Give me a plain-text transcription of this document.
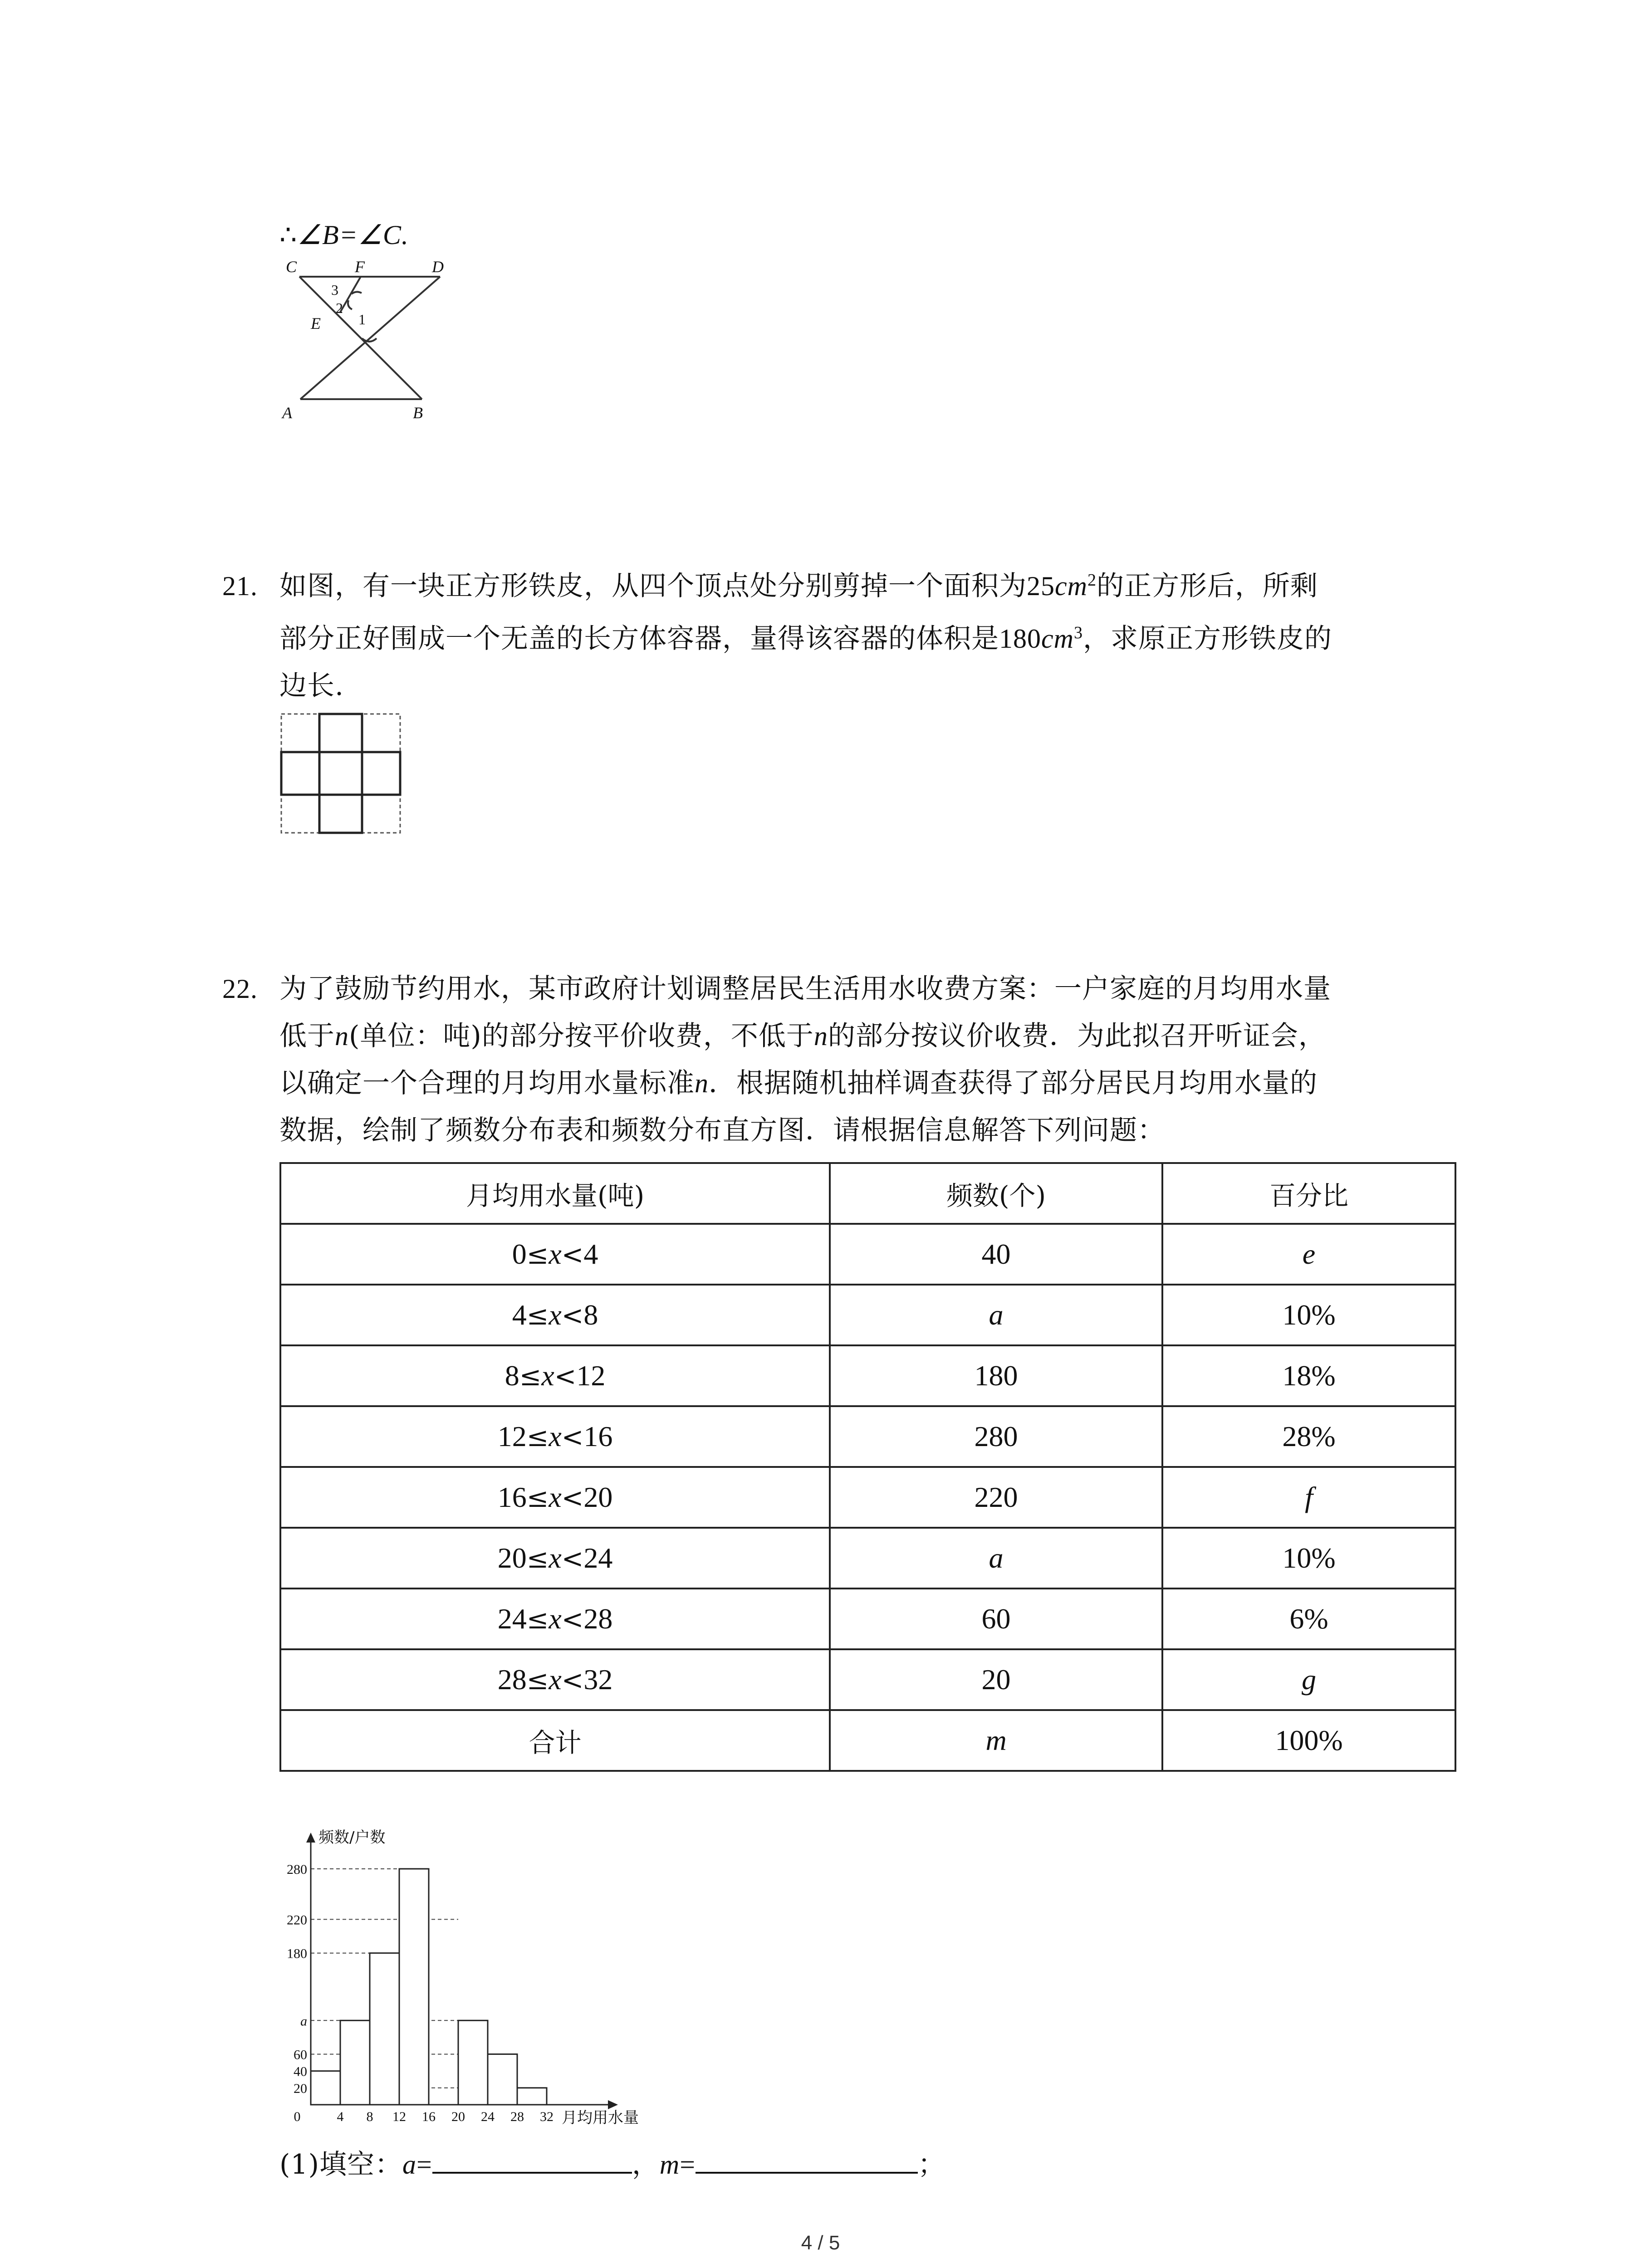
∴∠B=∠C.
C	F	D
E
A	B
3
2
1
21. 如图，有一块正方形铁皮，从四个顶点处分别剪掉一个面积为$25cm^2$的正方形后，所剩
部分正好围成一个无盖的长方体容器，量得该容器的体积是$180cm^3$，求原正方形铁皮的
边长.
22. 为了鼓励节约用水，某市政府计划调整居民生活用水收费方案：一户家庭的月均用水量
低于n(单位：吨)的部分按平价收费，不低于n的部分按议价收费．为此拟召开听证会，
以确定一个合理的月均用水量标准n．根据随机抽样调查获得了部分居民月均用水量的
数据，绘制了频数分布表和频数分布直方图．请根据信息解答下列问题：
月均用水量(吨)	频数(个)	百分比
0≤x<4	40	e
4≤x<8	a	10%
8≤x<12	180	18%
12≤x<16	280	28%
16≤x<20	220	f
20≤x<24	a	10%
24≤x<28	60	6%
28≤x<32	20	g
合计	m	100%
20
40
60
a
180
220
280
0	4 8 12 16 20 24 28 32
频数/户数
月均用水量
(1)填空：a=	，m=	；
4 / 5
